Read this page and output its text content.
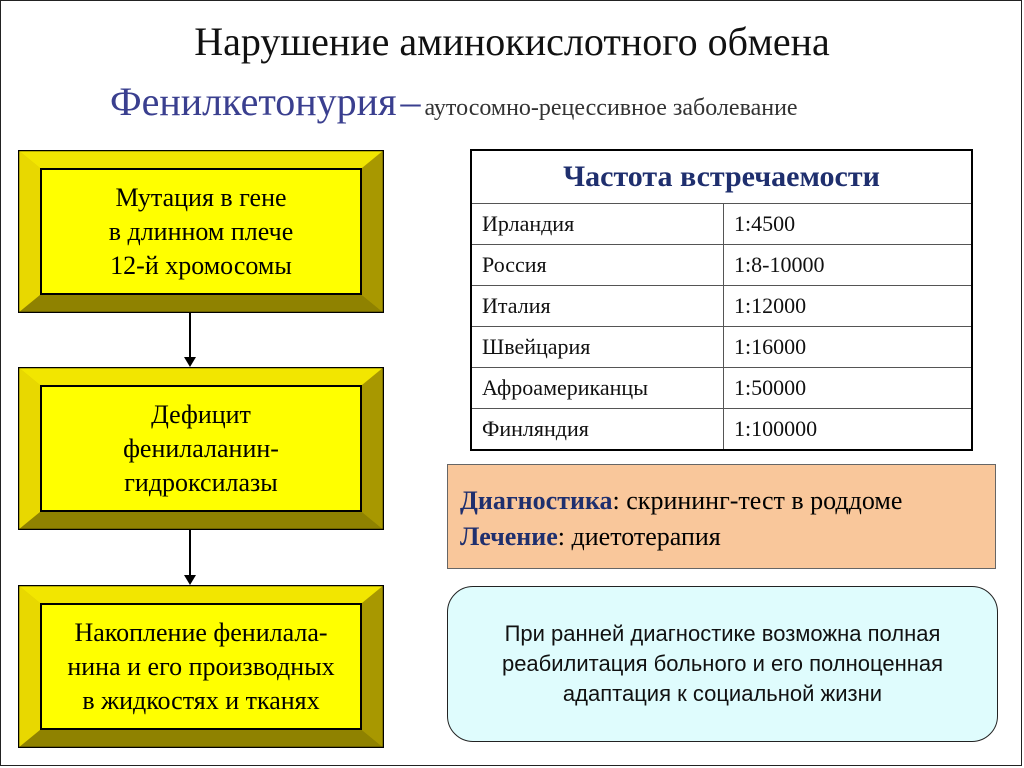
Нарушение аминокислотного обмена
Фенилкетонурия – аутосомно-рецессивное заболевание
Мутация в гене
в длинном плече
12-й хромосомы
Дефицит
фенилаланин-
гидроксилазы
Накопление фенилала-
нина и его производных
в жидкостях и тканях
Частота встречаемости	
Ирландия	1:4500
Россия	1:8-10000
Италия	1:12000
Швейцария	1:16000
Афроамериканцы	1:50000
Финляндия	1:100000
Диагностика: скрининг-тест в роддоме
Лечение: диетотерапия
При ранней диагностике возможна полная
реабилитация больного и его полноценная
адаптация к социальной жизни
